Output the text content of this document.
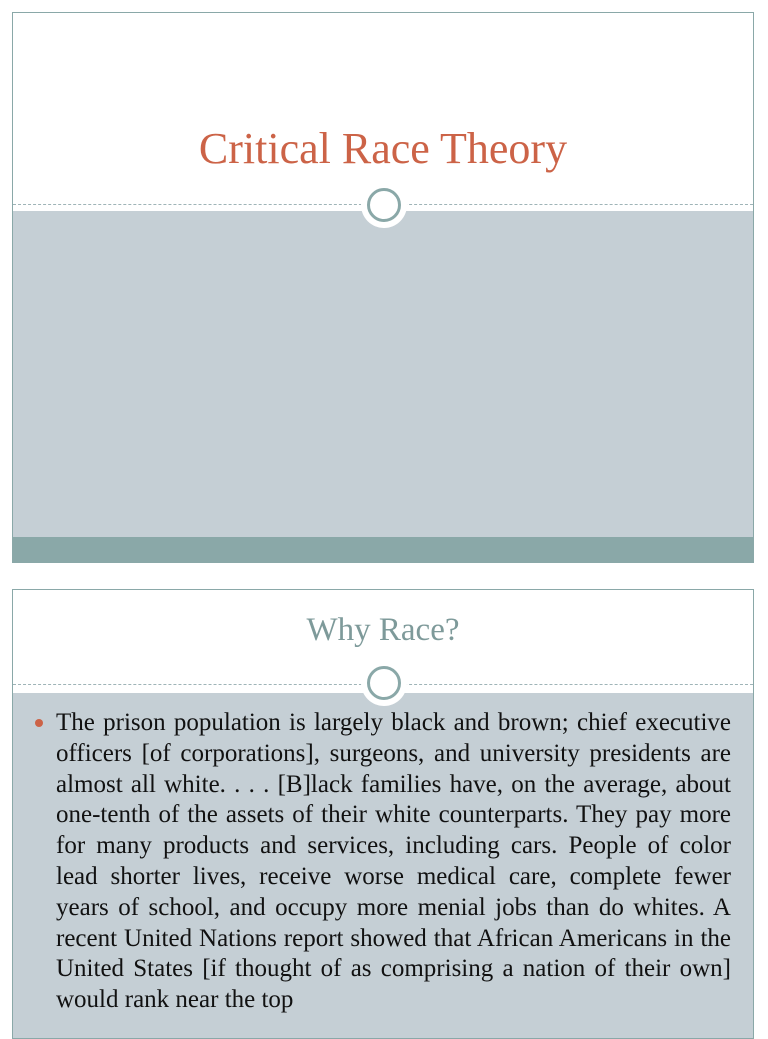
Critical Race Theory
Why Race?
The prison population is largely black and brown; chief executive officers [of corporations], surgeons, and university presidents are almost all white. . . . [B]lack families have, on the average, about one-tenth of the assets of their white counterparts. They pay more for many products and services, including cars. People of color lead shorter lives, receive worse medical care, complete fewer years of school, and occupy more menial jobs than do whites. A recent United Nations report showed that African Americans in the United States [if thought of as comprising a nation of their own] would rank near the top
